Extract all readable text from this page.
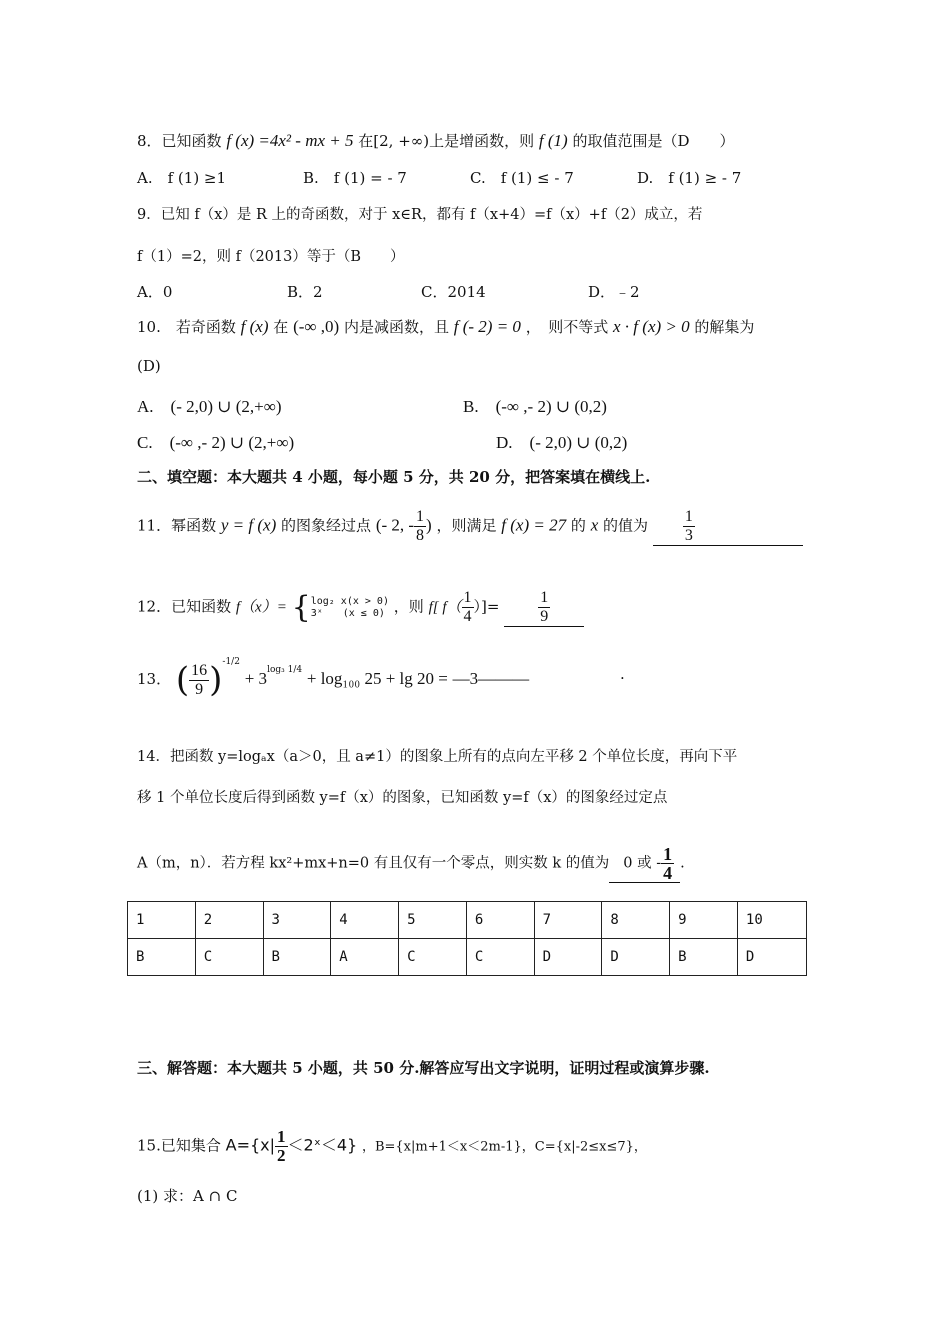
8．已知函数 f (x) =4x² - mx + 5 在[2, +∞)上是增函数，则 f (1) 的取值范围是（D　　）
A.　f (1) ≥1	B.　f (1) = - 7	C.　f (1) ≤ - 7	D.　f (1) ≥ - 7
9．已知 f（x）是 R 上的奇函数，对于 x∈R，都有 f（x+4）=f（x）+f（2）成立，若
f（1）=2，则 f（2013）等于（B　　）
A．0	B．2	C．2014	D．﹣2
10.　若奇函数 f (x) 在 (-∞ ,0) 内是减函数，且 f (- 2) = 0 ，　则不等式 x · f (x) > 0 的解集为
(D)
A.　(- 2,0) ∪ (2,+∞)	B.　(-∞ ,- 2) ∪ (0,2)
C.　(-∞ ,- 2) ∪ (2,+∞)	D.　(- 2,0) ∪ (0,2)
二、填空题：本大题共 4 小题，每小题 5 分，共 20 分，把答案填在横线上.
11．幂函数 y = f (x) 的图象经过点 (- 2, - $\frac{1}{8}$ ) ，则满足 f (x) = 27 的 x 的值为 $\frac{1}{3}$
12．已知函数 f（x）= { log₂ x(x > 0)
3ˣ　　(x ≤ 0) ，则 f[ $f( \frac{1}{4}$ ）]= $\frac{1}{9}$
13． ( $\frac{16}{9} )^{-1/2} + 3^{log_3 1/4} + \log_{100}$ 25 + lg 20 = —3———	.
14．把函数 y=logₐx（a＞0，且 a≠1）的图象上所有的点向左平移 2 个单位长度，再向下平
移 1 个单位长度后得到函数 y=f（x）的图象，已知函数 y=f（x）的图象经过定点
A（m，n）．若方程 kx²+mx+n=0 有且仅有一个零点，则实数 k 的值为 0 或 - $\frac{1}{4}$ .
1	2	3	4	5	6	7	8	9	10
B	C	B	A	C	C	D	D	B	D
三、解答题：本大题共 5 小题，共 50 分.解答应写出文字说明，证明过程或演算步骤.
15.已知集合 $A=\{x| \frac{1}{2}$ ＜2ˣ＜4} ，B={x|m+1＜x＜2m-1}，C={x|-2≤x≤7}，
(1) 求：A ∩ C
